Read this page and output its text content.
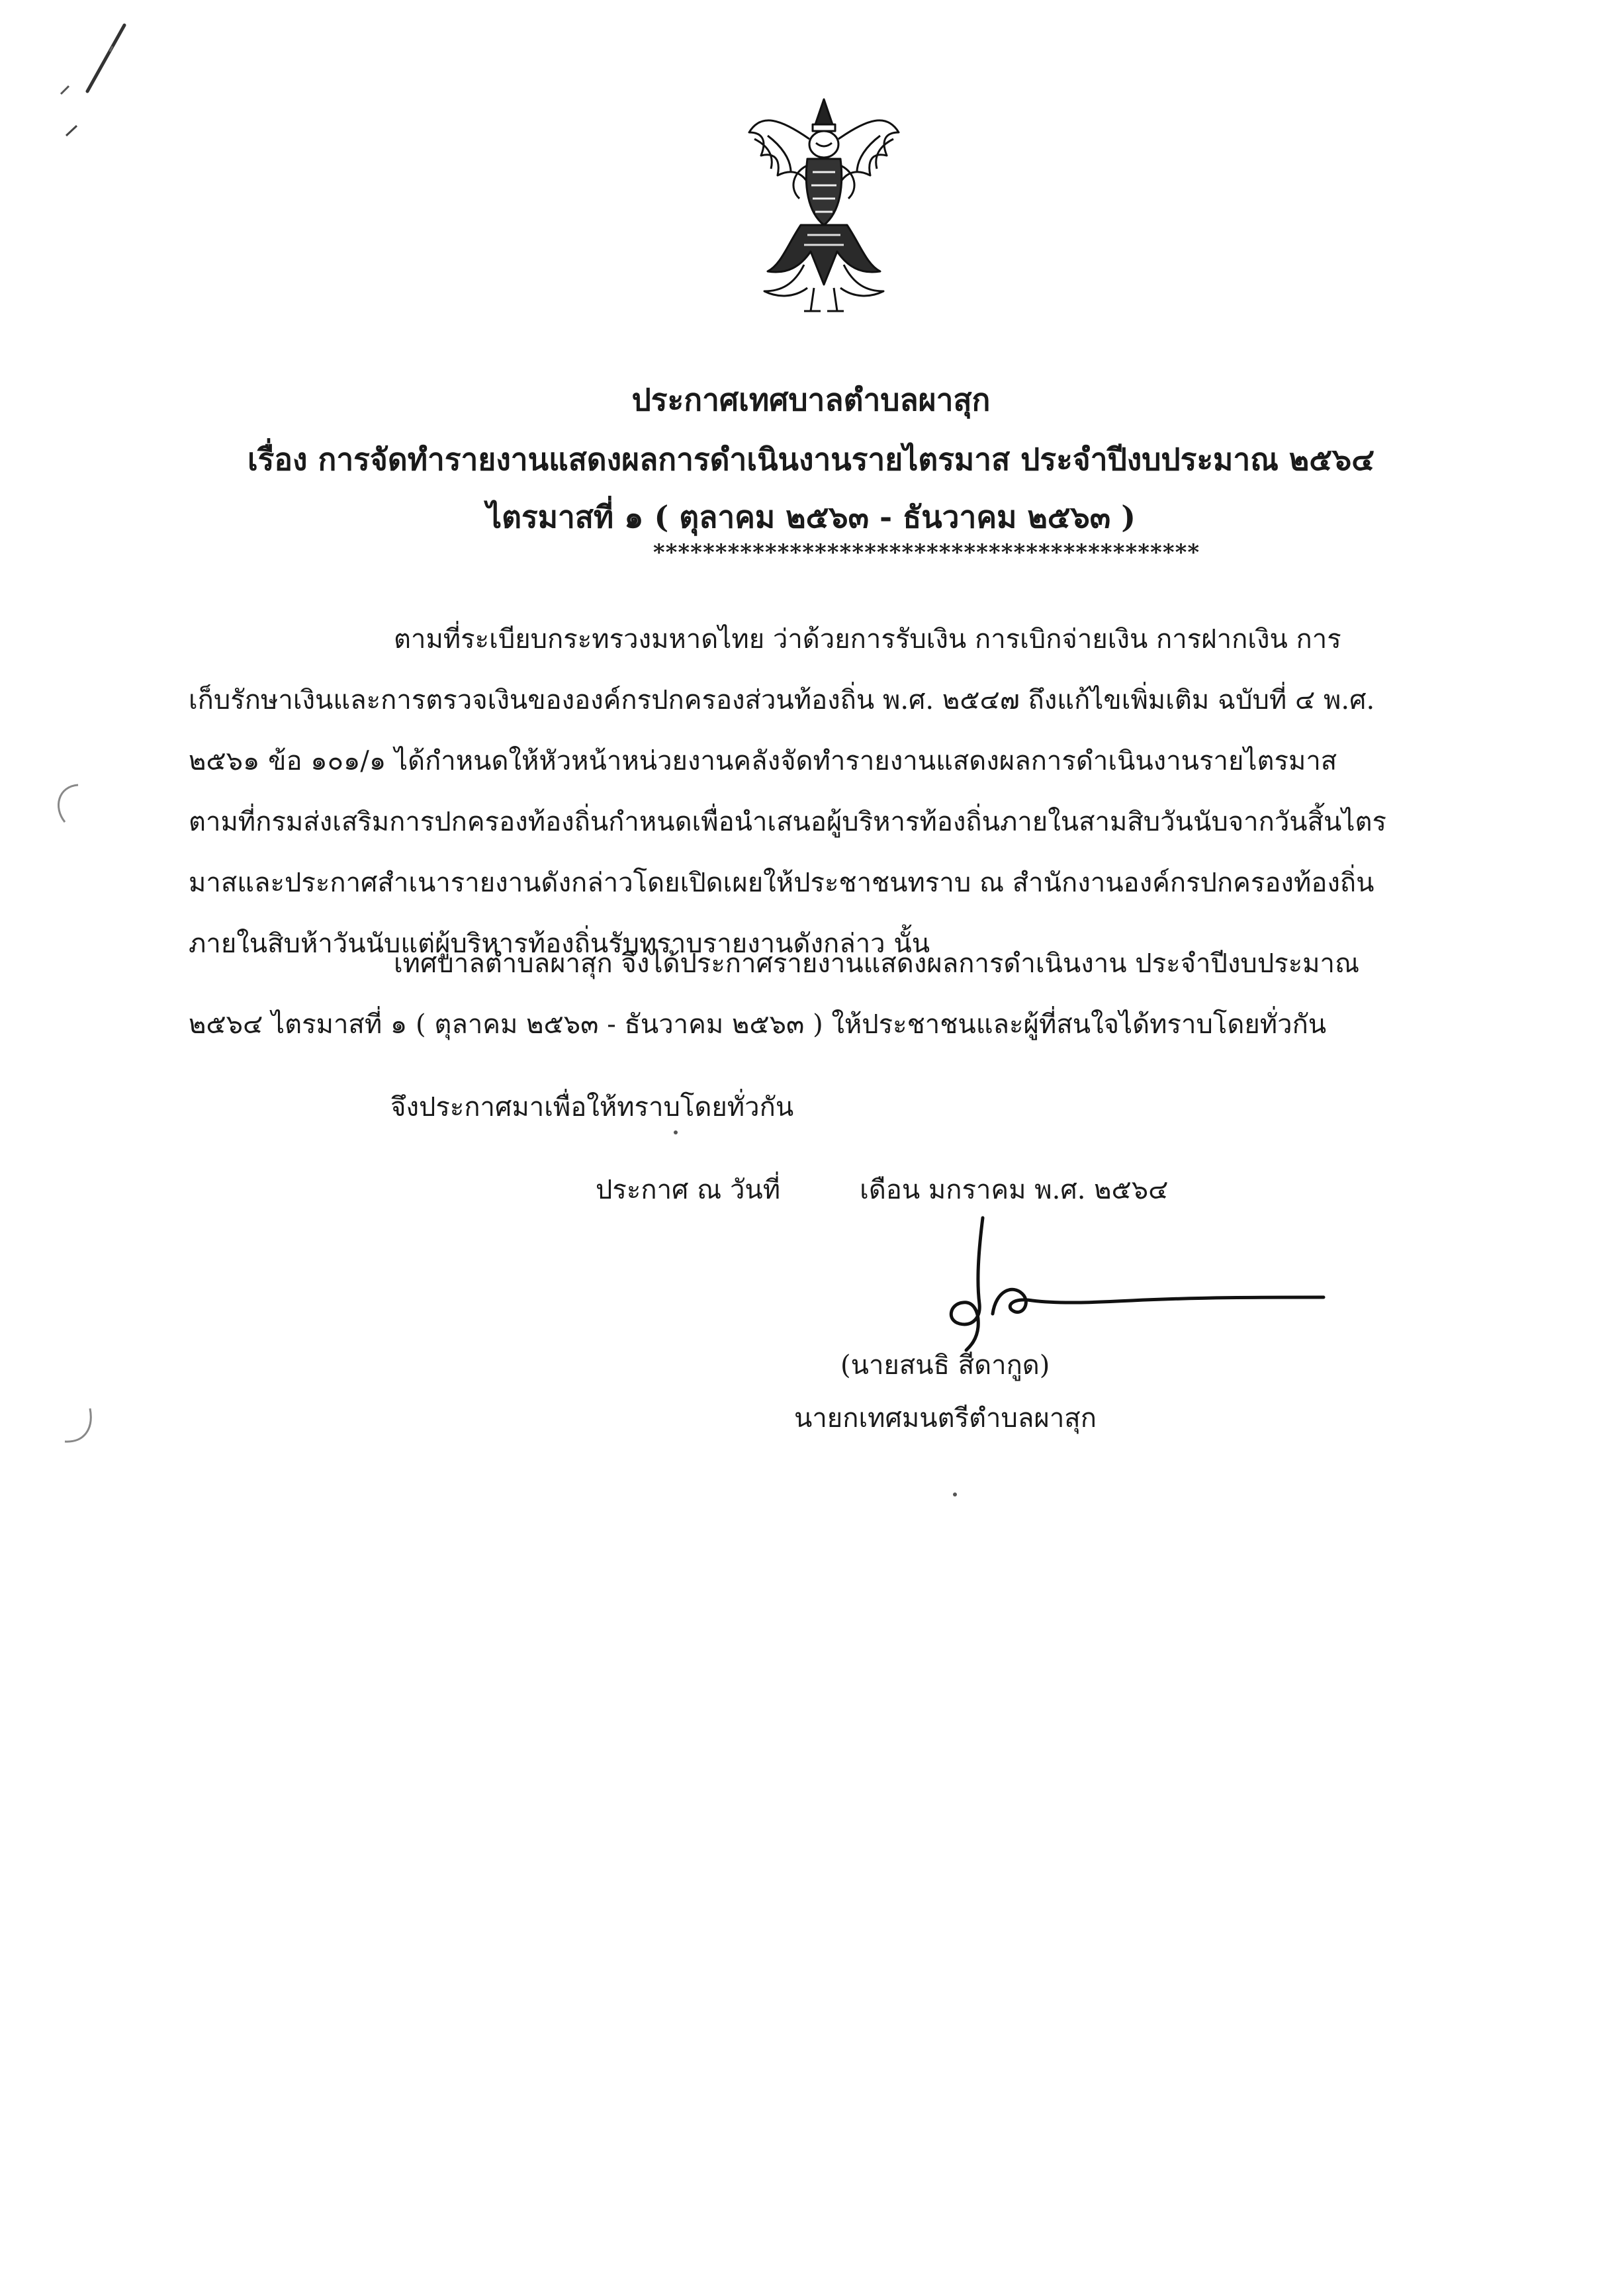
ประกาศเทศบาลตำบลผาสุก
เรื่อง การจัดทำรายงานแสดงผลการดำเนินงานรายไตรมาส ประจำปีงบประมาณ ๒๕๖๔
ไตรมาสที่ ๑ ( ตุลาคม ๒๕๖๓ - ธันวาคม ๒๕๖๓ )
********************************************
ตามที่ระเบียบกระทรวงมหาดไทย ว่าด้วยการรับเงิน การเบิกจ่ายเงิน การฝากเงิน การ
เก็บรักษาเงินและการตรวจเงินขององค์กรปกครองส่วนท้องถิ่น พ.ศ. ๒๕๔๗ ถึงแก้ไขเพิ่มเติม ฉบับที่ ๔ พ.ศ.
๒๕๖๑ ข้อ ๑๐๑/๑ ได้กำหนดให้หัวหน้าหน่วยงานคลังจัดทำรายงานแสดงผลการดำเนินงานรายไตรมาส
ตามที่กรมส่งเสริมการปกครองท้องถิ่นกำหนดเพื่อนำเสนอผู้บริหารท้องถิ่นภายในสามสิบวันนับจากวันสิ้นไตร
มาสและประกาศสำเนารายงานดังกล่าวโดยเปิดเผยให้ประชาชนทราบ ณ สำนักงานองค์กรปกครองท้องถิ่น
ภายในสิบห้าวันนับแต่ผู้บริหารท้องถิ่นรับทราบรายงานดังกล่าว นั้น
เทศบาลตำบลผาสุก จึงได้ประกาศรายงานแสดงผลการดำเนินงาน ประจำปีงบประมาณ
๒๕๖๔ ไตรมาสที่ ๑ ( ตุลาคม ๒๕๖๓ - ธันวาคม ๒๕๖๓ ) ให้ประชาชนและผู้ที่สนใจได้ทราบโดยทั่วกัน
จึงประกาศมาเพื่อให้ทราบโดยทั่วกัน
ประกาศ ณ วันที่	เดือน มกราคม พ.ศ. ๒๕๖๔
(นายสนธิ สีดากูด)
นายกเทศมนตรีตำบลผาสุก
